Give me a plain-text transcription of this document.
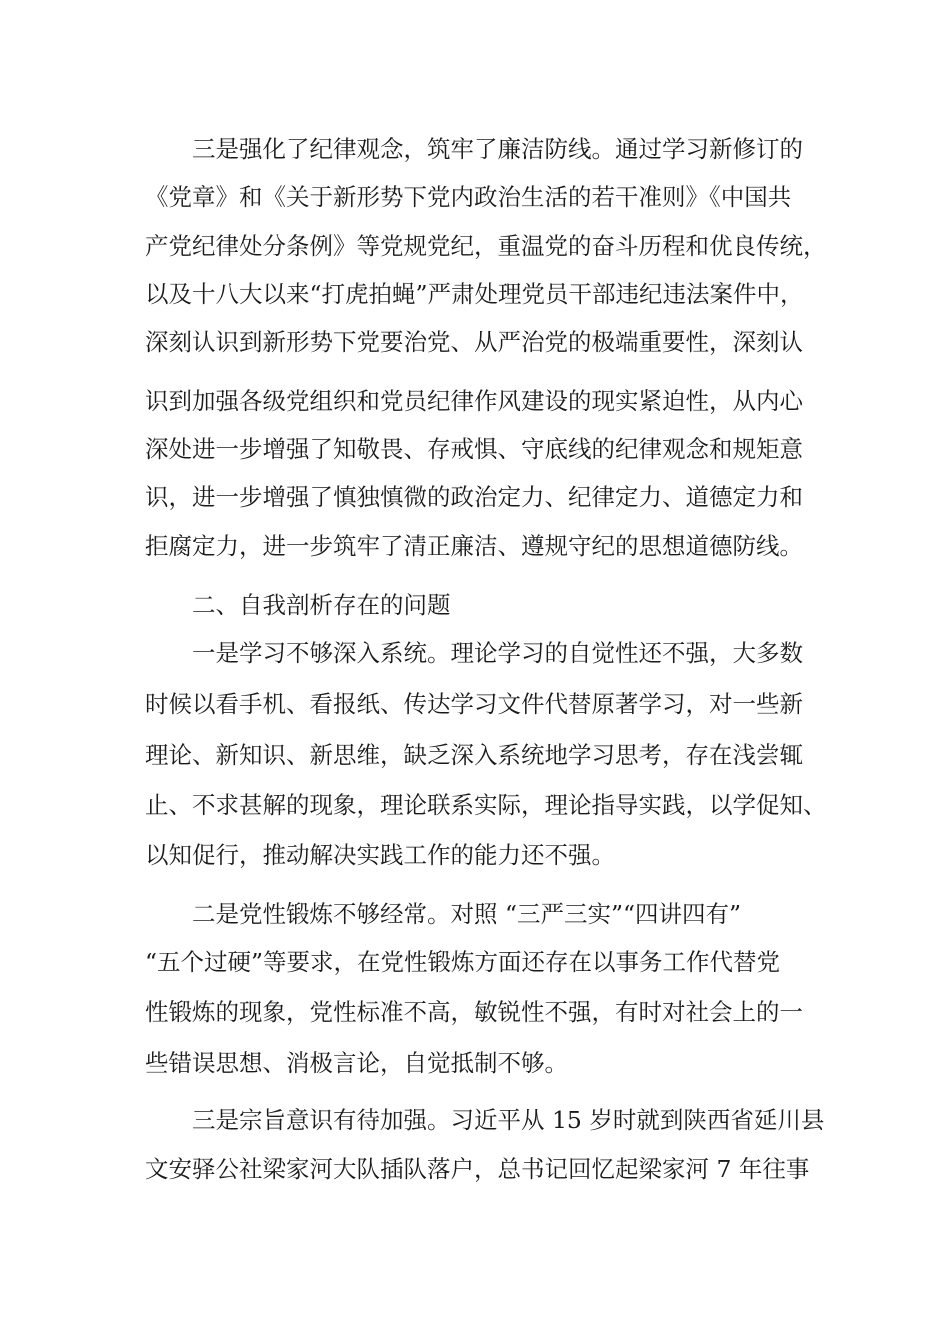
三是强化了纪律观念，筑牢了廉洁防线。通过学习新修订的
《党章》和《关于新形势下党内政治生活的若干准则》《中国共
产党纪律处分条例》等党规党纪，重温党的奋斗历程和优良传统，
以及十八大以来“打虎拍蝇”严肃处理党员干部违纪违法案件中，
深刻认识到新形势下党要治党、从严治党的极端重要性，深刻认
识到加强各级党组织和党员纪律作风建设的现实紧迫性，从内心
深处进一步增强了知敬畏、存戒惧、守底线的纪律观念和规矩意
识，进一步增强了慎独慎微的政治定力、纪律定力、道德定力和
拒腐定力，进一步筑牢了清正廉洁、遵规守纪的思想道德防线。
二、自我剖析存在的问题
一是学习不够深入系统。理论学习的自觉性还不强，大多数
时候以看手机、看报纸、传达学习文件代替原著学习，对一些新
理论、新知识、新思维，缺乏深入系统地学习思考，存在浅尝辄
止、不求甚解的现象，理论联系实际，理论指导实践，以学促知、
以知促行，推动解决实践工作的能力还不强。
二是党性锻炼不够经常。对照 “三严三实”“四讲四有”
“五个过硬”等要求，在党性锻炼方面还存在以事务工作代替党
性锻炼的现象，党性标准不高，敏锐性不强，有时对社会上的一
些错误思想、消极言论，自觉抵制不够。
三是宗旨意识有待加强。习近平从 15 岁时就到陕西省延川县
文安驿公社梁家河大队插队落户，总书记回忆起梁家河 7 年往事
